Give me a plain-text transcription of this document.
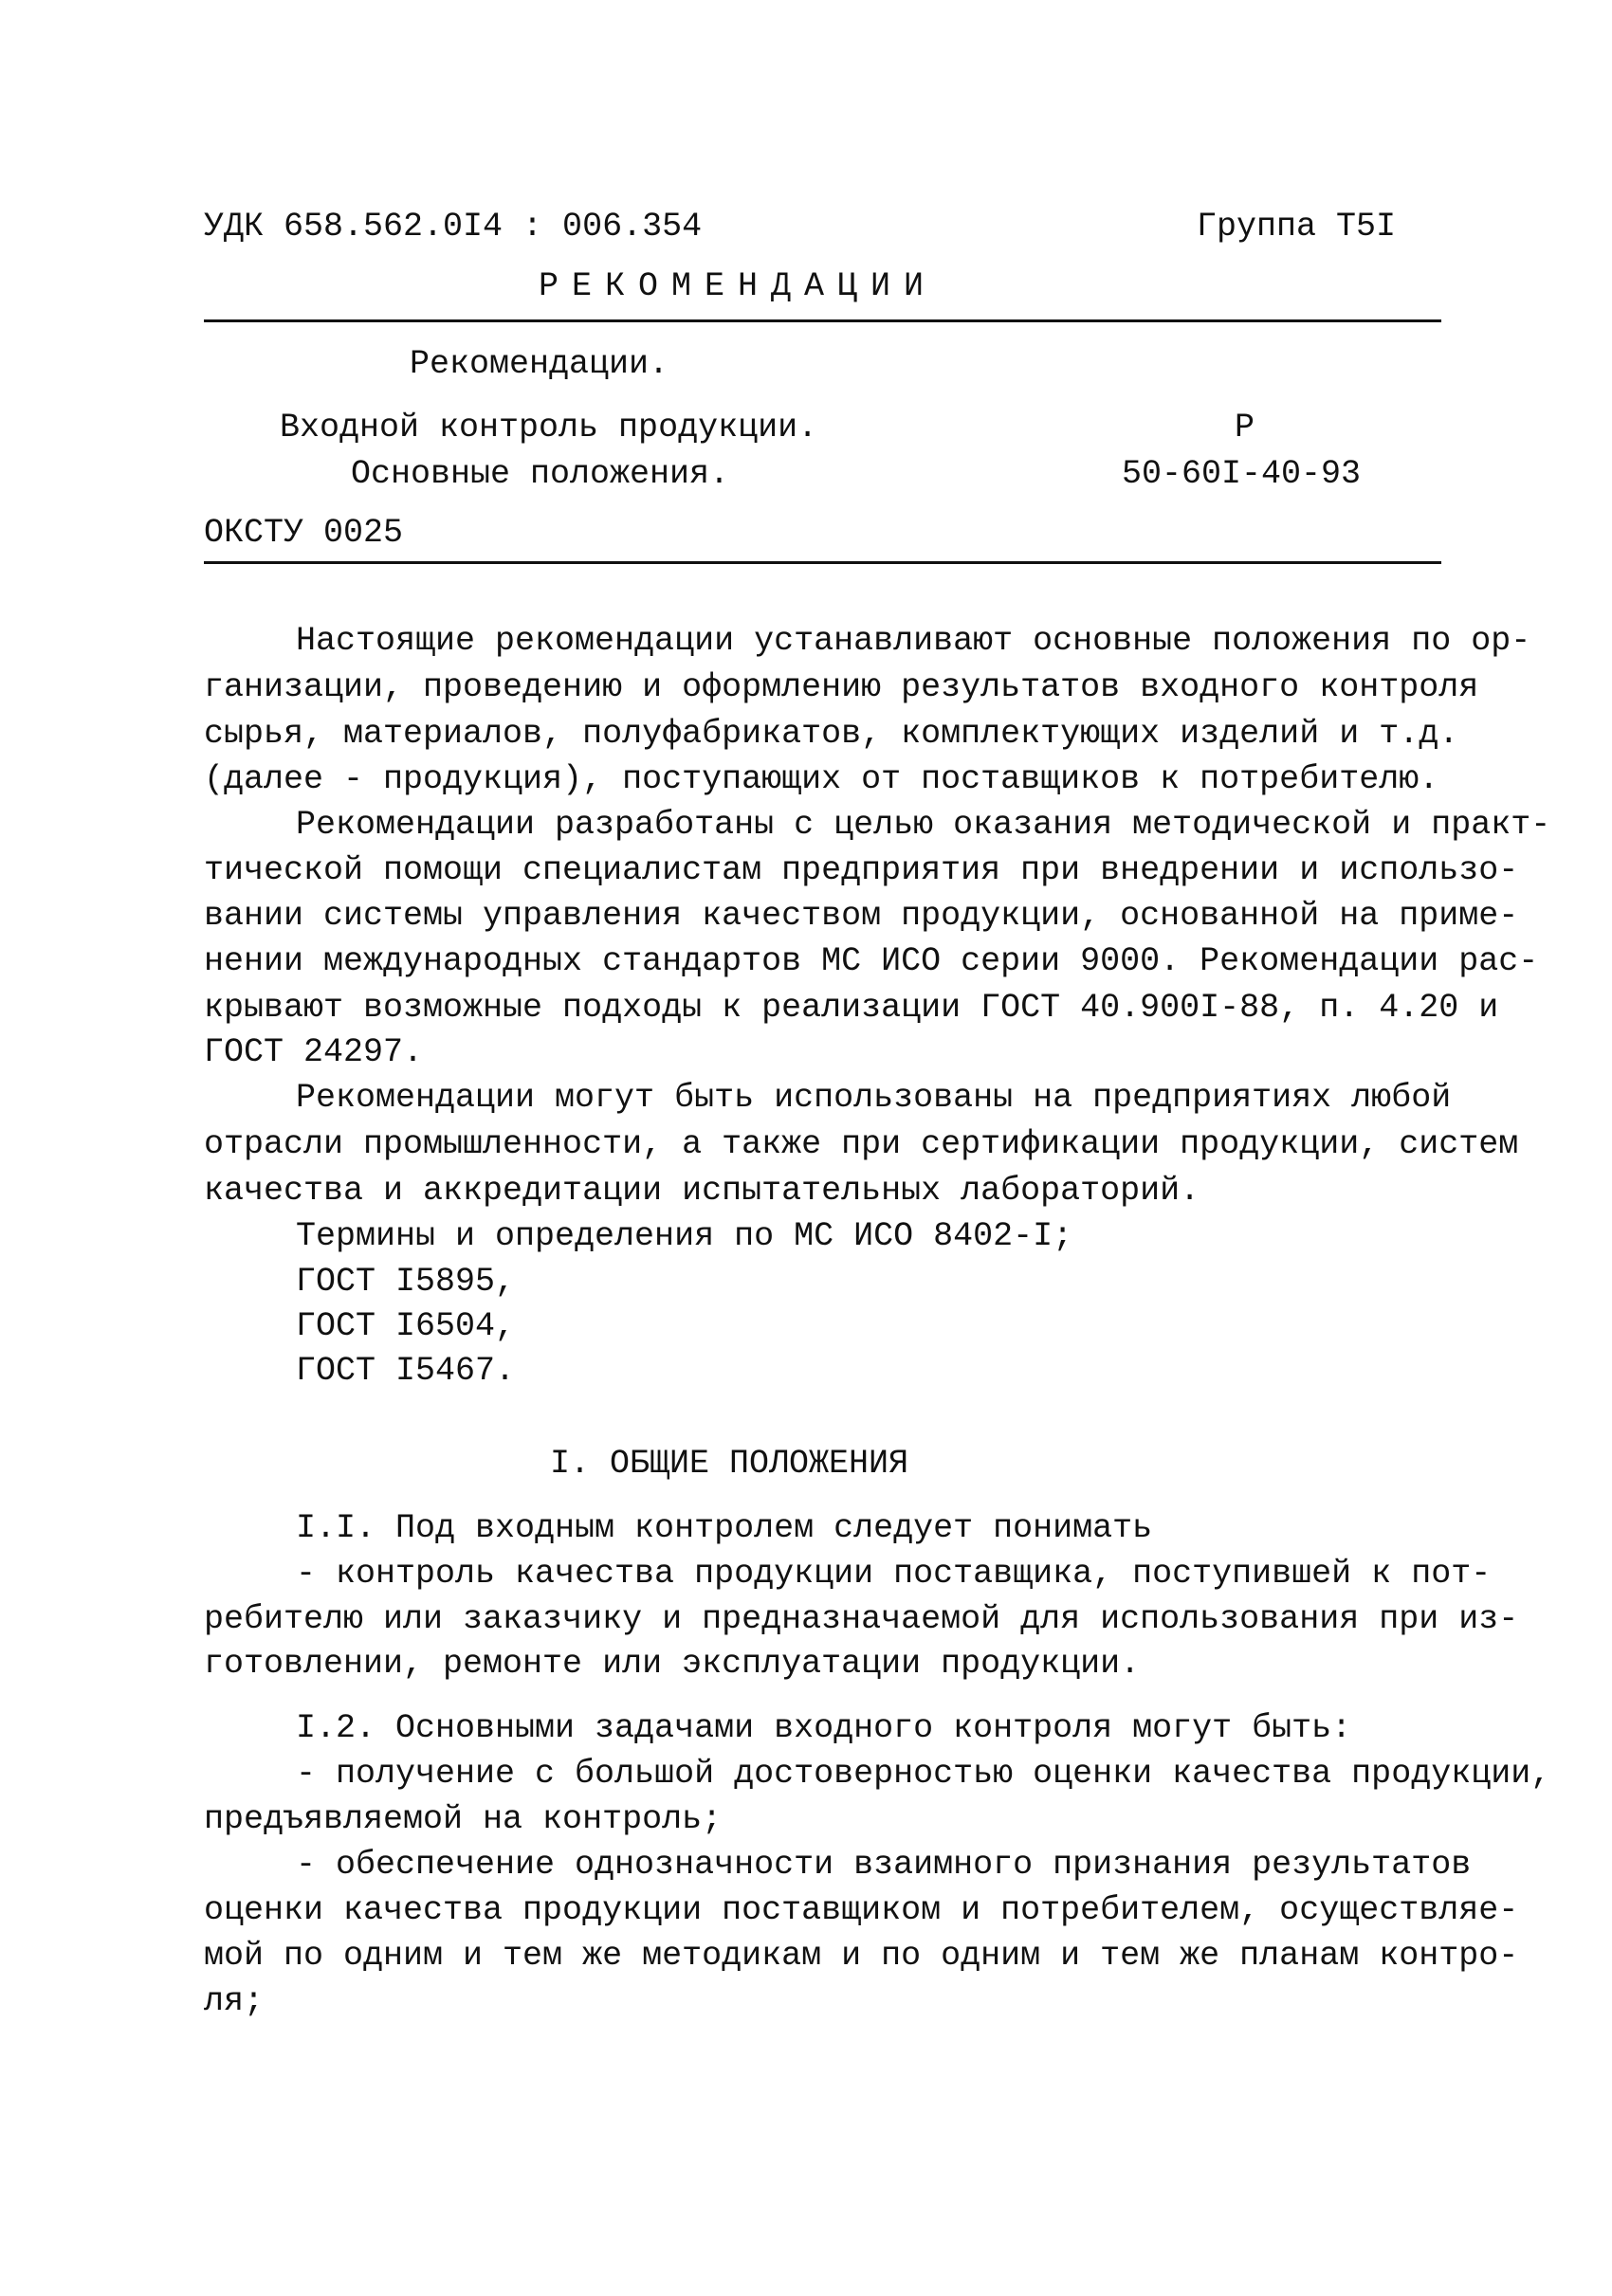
УДК 658.562.0I4 : 006.354	Группа T5I
РЕКОМЕНДАЦИИ
Рекомендации.
Входной контроль продукции.
Основные положения.
Р
50-60I-40-93
ОКСТУ 0025
Настоящие рекомендации устанавливают основные положения по ор-
ганизации, проведению и оформлению результатов входного контроля
сырья, материалов, полуфабрикатов, комплектующих изделий и т.д.
(далее - продукция), поступающих от поставщиков к потребителю.
Рекомендации разработаны с целью оказания методической и практ-
тической помощи специалистам предприятия при внедрении и использо-
вании системы управления качеством продукции, основанной на приме-
нении международных стандартов МС ИСО серии 9000. Рекомендации рас-
крывают возможные подходы к реализации ГОСТ 40.900I-88, п. 4.20 и
ГОСТ 24297.
Рекомендации могут быть использованы на предприятиях любой
отрасли промышленности, а также при сертификации продукции, систем
качества и аккредитации испытательных лабораторий.
Термины и определения по МС ИСО 8402-I;
ГОСТ I5895,
ГОСТ I6504,
ГОСТ I5467.
I. ОБЩИЕ ПОЛОЖЕНИЯ
I.I. Под входным контролем следует понимать
- контроль качества продукции поставщика, поступившей к пот-
ребителю или заказчику и предназначаемой для использования при из-
готовлении, ремонте или эксплуатации продукции.
I.2. Основными задачами входного контроля могут быть:
- получение с большой достоверностью оценки качества продукции,
предъявляемой на контроль;
- обеспечение однозначности взаимного признания результатов
оценки качества продукции поставщиком и потребителем, осуществляе-
мой по одним и тем же методикам и по одним и тем же планам контро-
ля;
